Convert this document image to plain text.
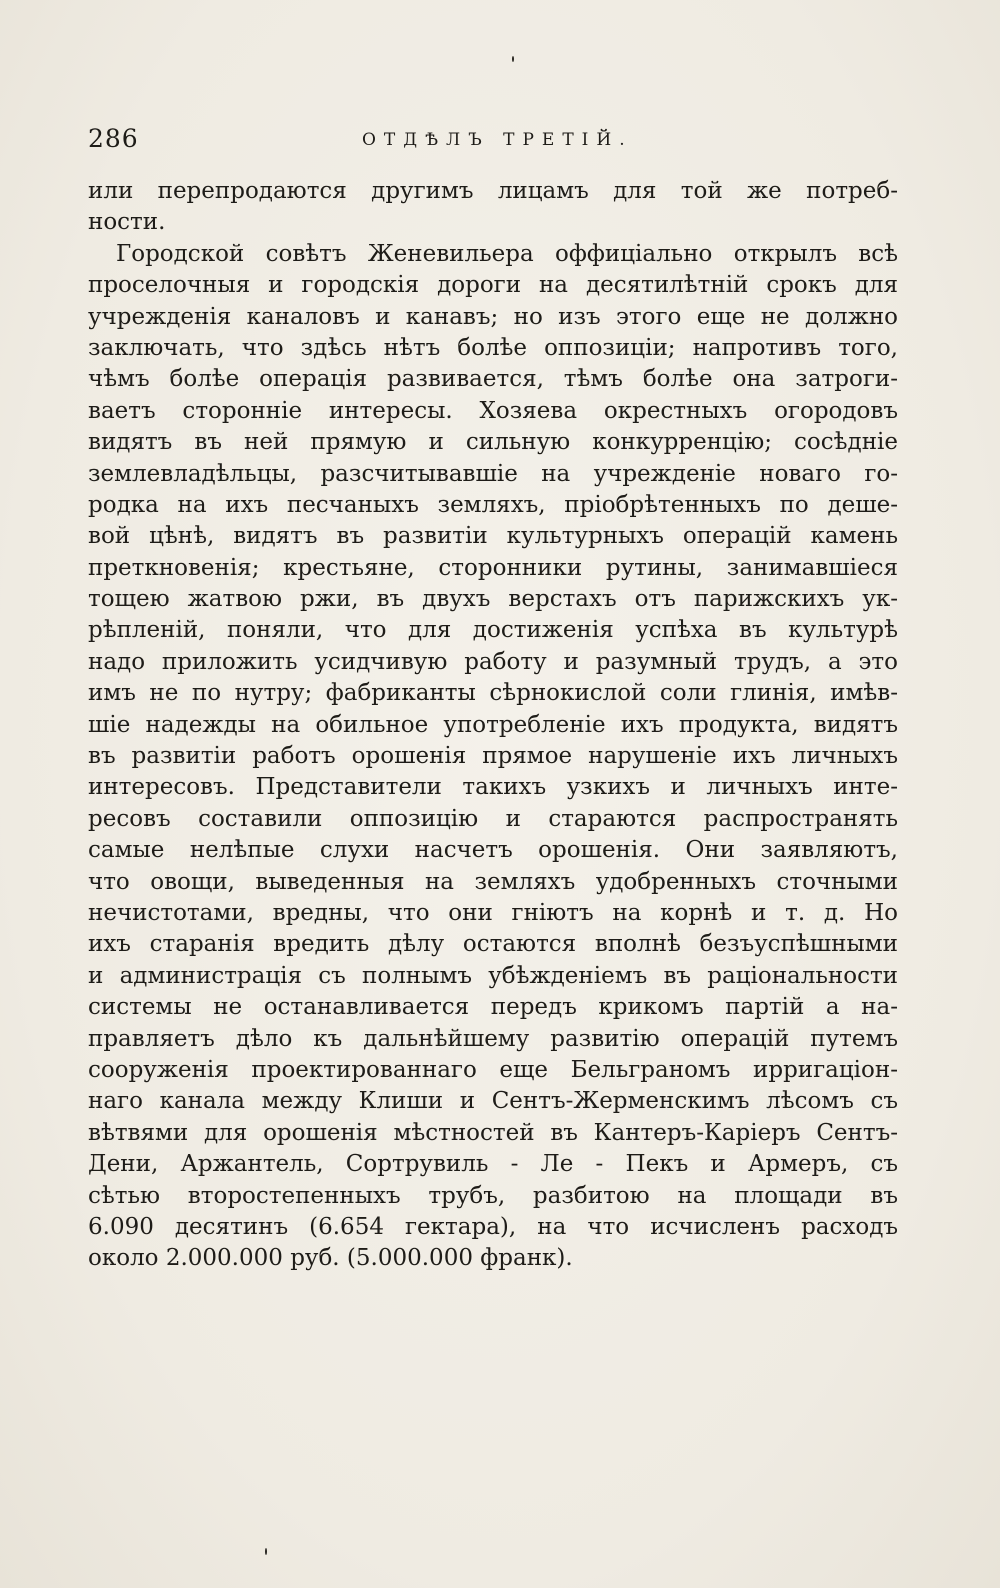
286	ОТДѢЛЪ ТРЕТІЙ.
или перепродаются другимъ лицамъ для той же потреб-
ности.
Городской совѣтъ Женевильера оффиціально открылъ всѣ
проселочныя и городскія дороги на десятилѣтній срокъ для
учрежденія каналовъ и канавъ; но изъ этого еще не должно
заключать, что здѣсь нѣтъ болѣе оппозиціи; напротивъ того,
чѣмъ болѣе операція развивается, тѣмъ болѣе она затроги-
ваетъ стороннie интересы. Хозяева окрестныхъ огородовъ
видятъ въ ней прямую и сильную конкурренцію; сосѣдніе
землевладѣльцы, разсчитывавшіе на учрежденіе новаго го-
родка на ихъ песчаныхъ земляхъ, пріобрѣтенныхъ по деше-
вой цѣнѣ, видятъ въ развитіи культурныхъ операцій камень
преткновенія; крестьяне, сторонники рутины, занимавшіеся
тощею жатвою ржи, въ двухъ верстахъ отъ парижскихъ ук-
рѣпленій, поняли, что для достиженія успѣха въ культурѣ
надо приложить усидчивую работу и разумный трудъ, а это
имъ не по нутру; фабриканты сѣрнокислой соли глинія, имѣв-
шіе надежды на обильное употребленіе ихъ продукта, видятъ
въ развитіи работъ орошенія прямое нарушеніе ихъ личныхъ
интересовъ. Представители такихъ узкихъ и личныхъ инте-
ресовъ составили оппозицію и стараются распространять
самые нелѣпые слухи насчетъ орошенія. Они заявляютъ,
что овощи, выведенныя на земляхъ удобренныхъ сточными
нечистотами, вредны, что они гніютъ на корнѣ и т. д. Но
ихъ старанія вредить дѣлу остаются вполнѣ безъуспѣшными
и администрація съ полнымъ убѣжденіемъ въ раціональности
системы не останавливается передъ крикомъ партій а на-
правляетъ дѣло къ дальнѣйшему развитію операцій путемъ
сооруженія проектированнаго еще Бельграномъ ирригаціон-
наго канала между Клиши и Сентъ-Жерменскимъ лѣсомъ съ
вѣтвями для орошенія мѣстностей въ Кантеръ-Карiеръ Сентъ-
Дени, Аржантель, Сортрувиль - Ле - Пекъ и Армеръ, съ
сѣтью второстепенныхъ трубъ, разбитою на площади въ
6.090 десятинъ (6.654 гектара), на что исчисленъ расходъ
около 2.000.000 руб. (5.000.000 франк).
